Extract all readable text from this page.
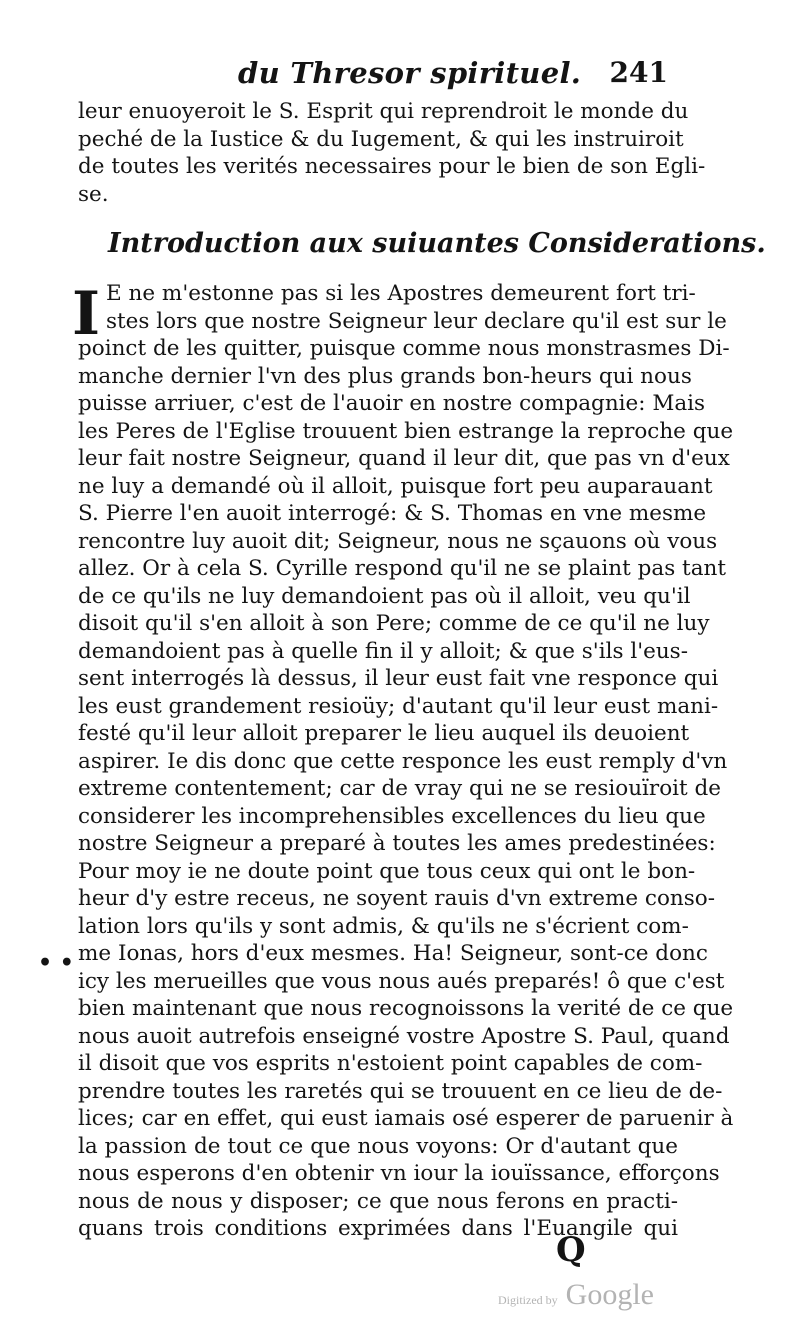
du Thresor spirituel. 241
leur enuoyeroit le S. Esprit qui reprendroit le monde du
peché de la Iustice & du Iugement, & qui les instruiroit
de toutes les verités necessaires pour le bien de son Egli-
se.
Introduction aux suiuantes Considerations.
I E ne m'estonne pas si les Apostres demeurent fort tri-
stes lors que nostre Seigneur leur declare qu'il est sur le
poinct de les quitter, puisque comme nous monstrasmes Di-
manche dernier l'vn des plus grands bon-heurs qui nous
puisse arriuer, c'est de l'auoir en nostre compagnie: Mais
les Peres de l'Eglise trouuent bien estrange la reproche que
leur fait nostre Seigneur, quand il leur dit, que pas vn d'eux
ne luy a demandé où il alloit, puisque fort peu auparauant
S. Pierre l'en auoit interrogé: & S. Thomas en vne mesme
rencontre luy auoit dit; Seigneur, nous ne sçauons où vous
allez. Or à cela S. Cyrille respond qu'il ne se plaint pas tant
de ce qu'ils ne luy demandoient pas où il alloit, veu qu'il
disoit qu'il s'en alloit à son Pere; comme de ce qu'il ne luy
demandoient pas à quelle fin il y alloit; & que s'ils l'eus-
sent interrogés là dessus, il leur eust fait vne responce qui
les eust grandement resioüy; d'autant qu'il leur eust mani-
festé qu'il leur alloit preparer le lieu auquel ils deuoient
aspirer. Ie dis donc que cette responce les eust remply d'vn
extreme contentement; car de vray qui ne se resiouïroit de
considerer les incomprehensibles excellences du lieu que
nostre Seigneur a preparé à toutes les ames predestinées:
Pour moy ie ne doute point que tous ceux qui ont le bon-
heur d'y estre receus, ne soyent rauis d'vn extreme conso-
lation lors qu'ils y sont admis, & qu'ils ne s'écrient com-
me Ionas, hors d'eux mesmes. Ha! Seigneur, sont-ce donc
icy les merueilles que vous nous aués preparés! ô que c'est
bien maintenant que nous recognoissons la verité de ce que
nous auoit autrefois enseigné vostre Apostre S. Paul, quand
il disoit que vos esprits n'estoient point capables de com-
prendre toutes les raretés qui se trouuent en ce lieu de de-
lices; car en effet, qui eust iamais osé esperer de paruenir à
la passion de tout ce que nous voyons: Or d'autant que
nous esperons d'en obtenir vn iour la iouïssance, efforçons
nous de nous y disposer; ce que nous ferons en practi-
quans trois conditions exprimées dans l'Euangile qui
• •
Q
Digitized by Google
